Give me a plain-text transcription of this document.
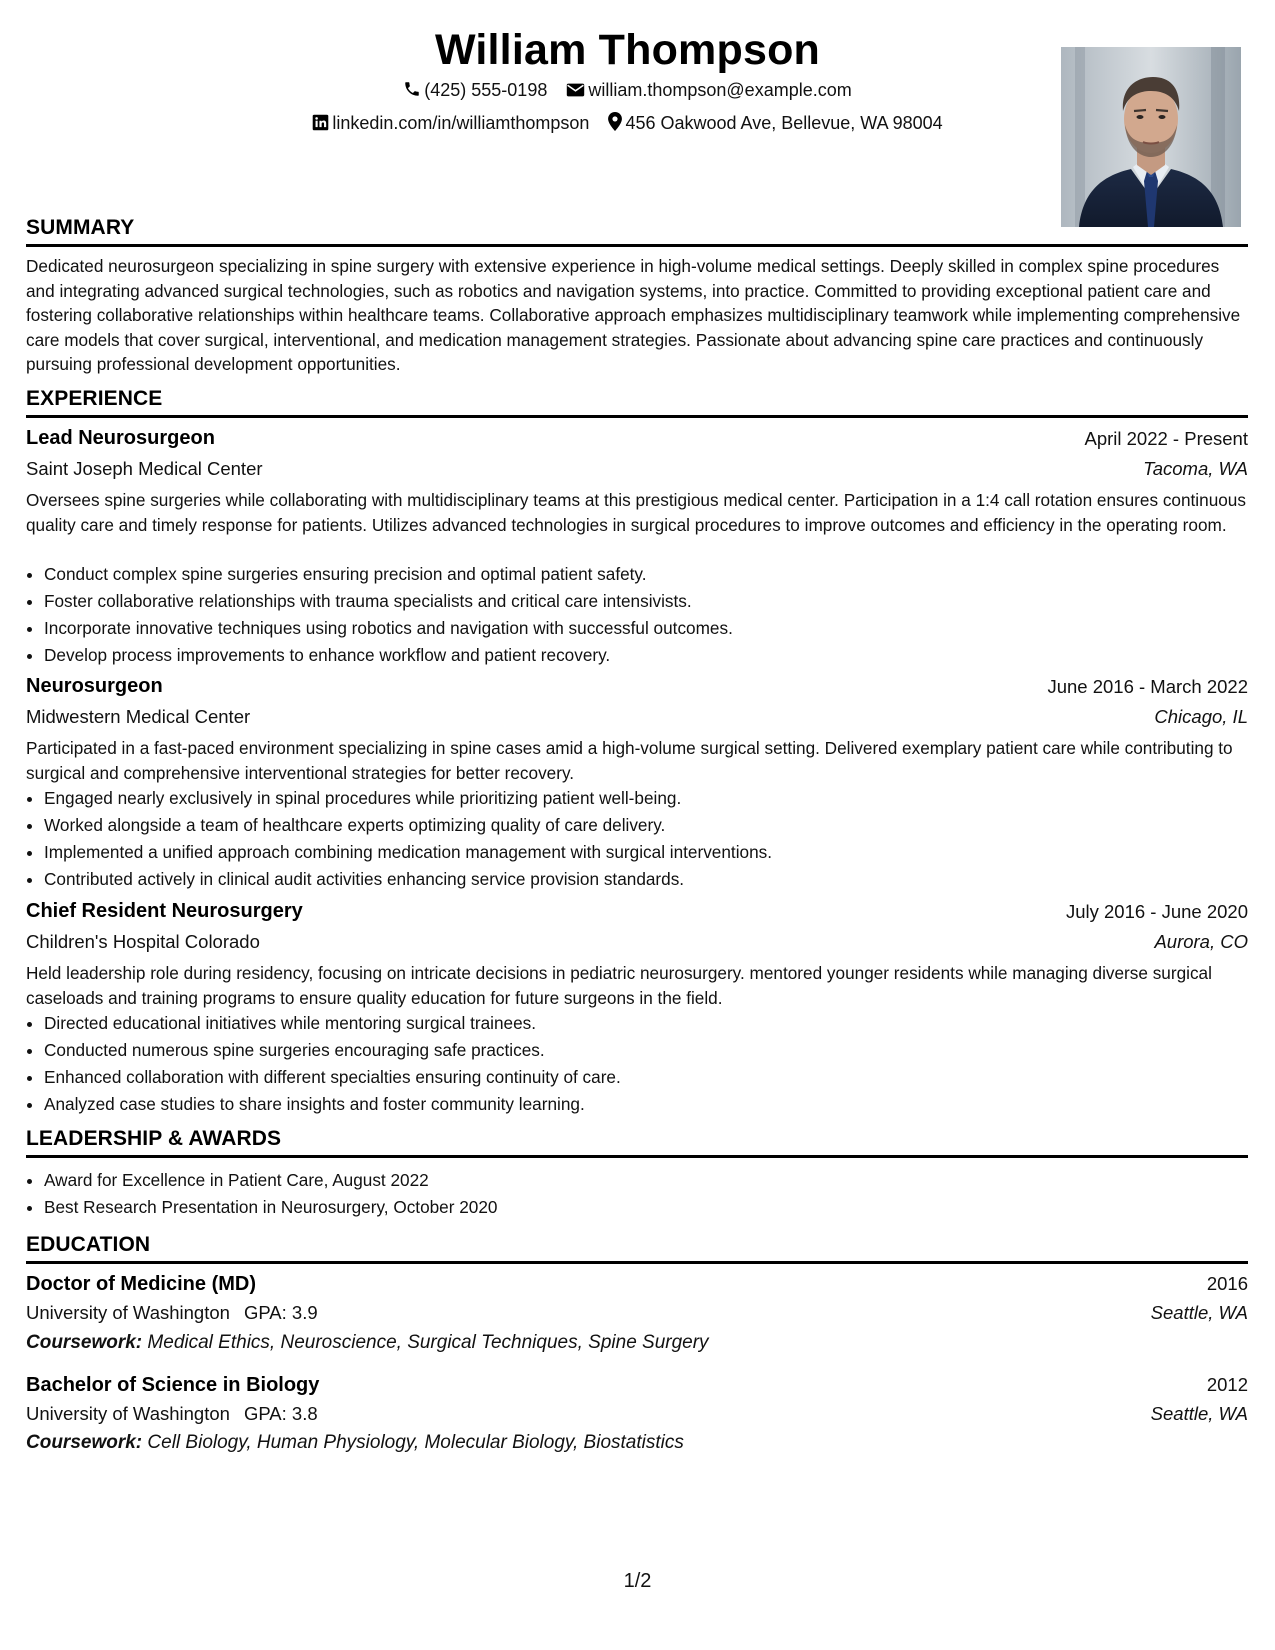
William Thompson
(425) 555-0198 william.thompson@example.com
linkedin.com/in/williamthompson 456 Oakwood Ave, Bellevue, WA 98004
SUMMARY
Dedicated neurosurgeon specializing in spine surgery with extensive experience in high-volume medical settings. Deeply skilled in complex spine procedures and integrating advanced surgical technologies, such as robotics and navigation systems, into practice. Committed to providing exceptional patient care and fostering collaborative relationships within healthcare teams. Collaborative approach emphasizes multidisciplinary teamwork while implementing comprehensive care models that cover surgical, interventional, and medication management strategies. Passionate about advancing spine care practices and continuously pursuing professional development opportunities.
EXPERIENCE
Lead Neurosurgeon	April 2022 - Present
Saint Joseph Medical Center	Tacoma, WA
Oversees spine surgeries while collaborating with multidisciplinary teams at this prestigious medical center. Participation in a 1:4 call rotation ensures continuous quality care and timely response for patients. Utilizes advanced technologies in surgical procedures to improve outcomes and efficiency in the operating room.
• Conduct complex spine surgeries ensuring precision and optimal patient safety.
• Foster collaborative relationships with trauma specialists and critical care intensivists.
• Incorporate innovative techniques using robotics and navigation with successful outcomes.
• Develop process improvements to enhance workflow and patient recovery.
Neurosurgeon	June 2016 - March 2022
Midwestern Medical Center	Chicago, IL
Participated in a fast-paced environment specializing in spine cases amid a high-volume surgical setting. Delivered exemplary patient care while contributing to surgical and comprehensive interventional strategies for better recovery.
• Engaged nearly exclusively in spinal procedures while prioritizing patient well-being.
• Worked alongside a team of healthcare experts optimizing quality of care delivery.
• Implemented a unified approach combining medication management with surgical interventions.
• Contributed actively in clinical audit activities enhancing service provision standards.
Chief Resident Neurosurgery	July 2016 - June 2020
Children's Hospital Colorado	Aurora, CO
Held leadership role during residency, focusing on intricate decisions in pediatric neurosurgery. mentored younger residents while managing diverse surgical caseloads and training programs to ensure quality education for future surgeons in the field.
• Directed educational initiatives while mentoring surgical trainees.
• Conducted numerous spine surgeries encouraging safe practices.
• Enhanced collaboration with different specialties ensuring continuity of care.
• Analyzed case studies to share insights and foster community learning.
LEADERSHIP & AWARDS
• Award for Excellence in Patient Care, August 2022
• Best Research Presentation in Neurosurgery, October 2020
EDUCATION
Doctor of Medicine (MD)	2016
University of Washington GPA: 3.9	Seattle, WA
Coursework: Medical Ethics, Neuroscience, Surgical Techniques, Spine Surgery
Bachelor of Science in Biology	2012
University of Washington GPA: 3.8	Seattle, WA
Coursework: Cell Biology, Human Physiology, Molecular Biology, Biostatistics
1/2
